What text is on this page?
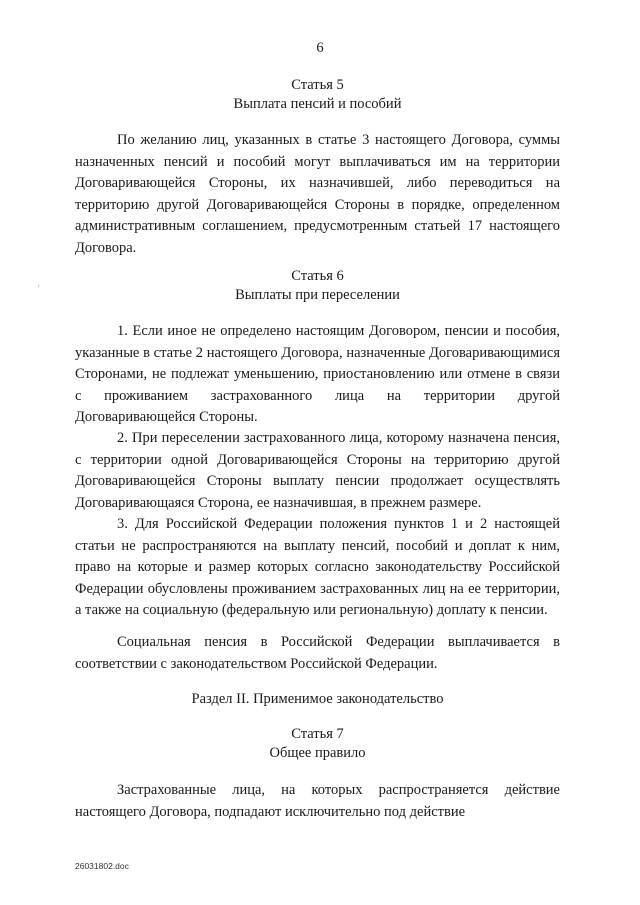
6
Статья 5
Выплата пенсий и пособий
По желанию лиц, указанных в статье 3 настоящего Договора, суммы назначенных пенсий и пособий могут выплачиваться им на территории Договаривающейся Стороны, их назначившей, либо переводиться на территорию другой Договаривающейся Стороны в порядке, определенном административным соглашением, предусмотренным статьей 17 настоящего Договора.
Статья 6
Выплаты при переселении
1. Если иное не определено настоящим Договором, пенсии и пособия, указанные в статье 2 настоящего Договора, назначенные Договаривающимися Сторонами, не подлежат уменьшению, приостановлению или отмене в связи с проживанием застрахованного лица на территории другой Договаривающейся Стороны.
2. При переселении застрахованного лица, которому назначена пенсия, с территории одной Договаривающейся Стороны на территорию другой Договаривающейся Стороны выплату пенсии продолжает осуществлять Договаривающаяся Сторона, ее назначившая, в прежнем размере.
3. Для Российской Федерации положения пунктов 1 и 2 настоящей статьи не распространяются на выплату пенсий, пособий и доплат к ним, право на которые и размер которых согласно законодательству Российской Федерации обусловлены проживанием застрахованных лиц на ее территории, а также на социальную (федеральную или региональную) доплату к пенсии.
Социальная пенсия в Российской Федерации выплачивается в соответствии с законодательством Российской Федерации.
Раздел II. Применимое законодательство
Статья 7
Общее правило
Застрахованные лица, на которых распространяется действие настоящего Договора, подпадают исключительно под действие
26031802.doc
